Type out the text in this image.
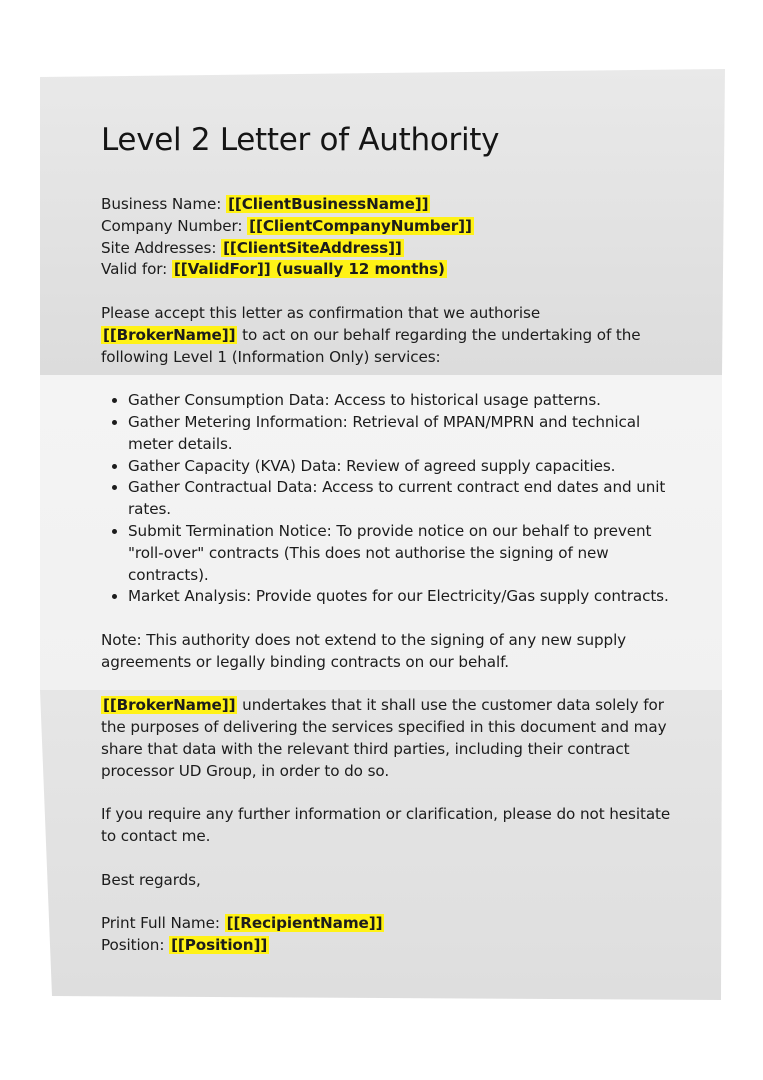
Level 2 Letter of Authority
Business Name: [[ClientBusinessName]]
Company Number: [[ClientCompanyNumber]]
Site Addresses: [[ClientSiteAddress]]
Valid for: [[ValidFor]] (usually 12 months)

Please accept this letter as confirmation that we authorise [[BrokerName]] to act on our behalf regarding the undertaking of the following Level 1 (Information Only) services:

• Gather Consumption Data: Access to historical usage patterns.
• Gather Metering Information: Retrieval of MPAN/MPRN and technical meter details.
• Gather Capacity (KVA) Data: Review of agreed supply capacities.
• Gather Contractual Data: Access to current contract end dates and unit rates.
• Submit Termination Notice: To provide notice on our behalf to prevent "roll-over" contracts (This does not authorise the signing of new contracts).
• Market Analysis: Provide quotes for our Electricity/Gas supply contracts.

Note: This authority does not extend to the signing of any new supply agreements or legally binding contracts on our behalf.

[[BrokerName]] undertakes that it shall use the customer data solely for the purposes of delivering the services specified in this document and may share that data with the relevant third parties, including their contract processor UD Group, in order to do so.

If you require any further information or clarification, please do not hesitate to contact me.

Best regards,

Print Full Name: [[RecipientName]]
Position: [[Position]]
